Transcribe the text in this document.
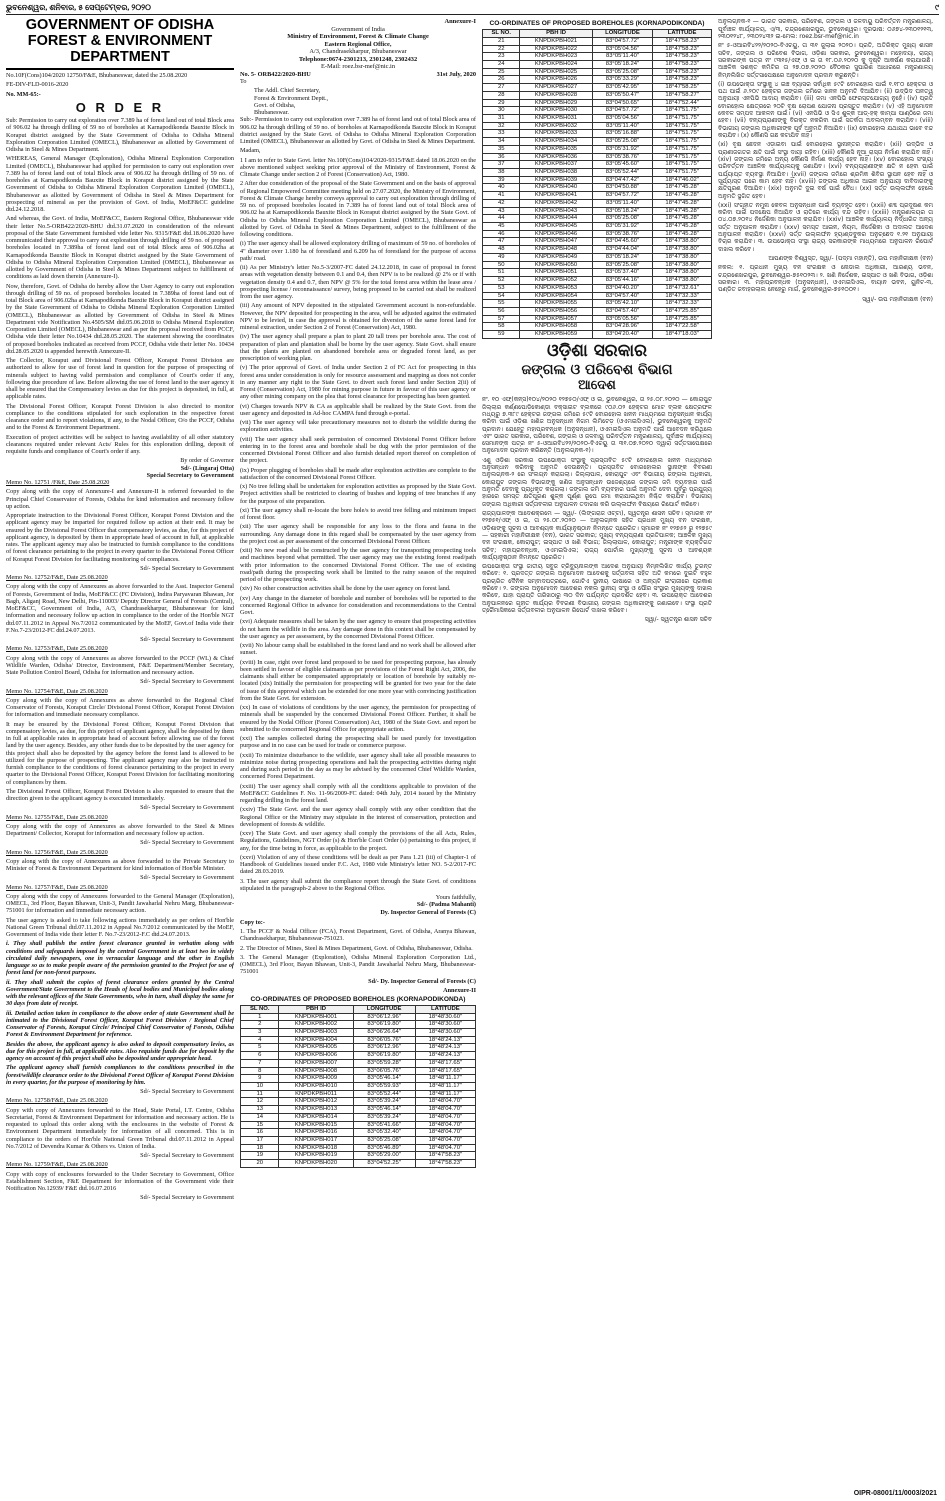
ଭୁବନେଶ୍ୱର, ଶନିବାର, ୫ ସେପ୍ଟେମ୍ବର, ୨୦୨୦	୯
GOVERNMENT OF ODISHA
FOREST & ENVIRONMENT
DEPARTMENT

No.10F(Cons)104/2020 12750/F&E, Bhubaneswar, dated the 25.08.2020

FE-DIV-FLD-0016-2020

No. MM-65:-

O R D E R

Sub: Permission to carry out exploration over 7.389 ha of forest land out of total Block area of 906.02 ha through drilling of 59 no of boreholes at Karnapodikonda Bauxite Block in Koraput district assigned by the State Government of Odisha to Odisha Mineral Exploration Corporation Limited (OMECL), Bhubaneswar as allotted by Government of Odisha in Steel & Mines Department.

WHEREAS, General Manager (Exploration), Odisha Mineral Exploration Corporation Limited (OMECL), Bhubaneswar had applied for permission to carry out exploration over 7.389 ha of forest land out of total Block area of 906.02 ha through drilling of 59 no. of boreholes at Karnapodikonda Bauxite Block in Koraput district assigned by the State Government of Odisha to Odisha Mineral Exploration Corporation Limited (OMECL), Bhubaneswar as allotted by Government of Odisha in Steel & Mines Department for prospecting of mineral as per the provision of Govt. of India, MoEF&CC guideline dtd.24.12.2018.

And whereas, the Govt. of India, MoEF&CC, Eastern Regional Office, Bhubaneswar vide their letter No.5-ORB422/2020-BHU dtd.31.07.2020 in consideration of the relevant proposal of the State Government furnished vide letter No. 9315/F&E dtd.18.06.2020 have communicated their approval to carry out exploration through drilling of 59 no. of proposed boreholes located in 7.389ha of forest land out of total Block area of 906.02ha at Karnapodikonda Bauxite Block in Koraput district assigned by the State Government of Odisha to Odisha Mineral Exploration Corporation Limited (OMECL), Bhubaneswar as allotted by Government of Odisha in Steel & Mines Department subject to fulfillment of conditions as laid down therein (Annexure-I).

Now, therefore, Govt. of Odisha do hereby allow the User Agency to carry out exploration through drilling of 59 no. of proposed boreholes located in 7.389ha of forest land out of total Block area of 906.02ha at Karnapodikonda Bauxite Block in Koraput district assigned by the State Government of Odisha to Odisha Mineral Exploration Corporation Limited (OMECL), Bhubaneswar as allotted by Government of Odisha in Steel & Mines Department vide Notification No.4505/SM dtd.05.06.2018 to Odisha Mineral Exploration Corporation Limited (OMECL), Bhubaneswar and as per the proposal received from PCCF, Odisha vide their letter No.10434 dtd.28.05.2020. The statement showing the coordinates of proposed boreholes indicated as received from PCCF, Odisha vide their letter No. 10434 dtd.28.05.2020 is appended herewith Annexure-II.

The Collector, Koraput and Divisional Forest Officer, Koraput Forest Division are authorized to allow for use of forest land in question for the purpose of prospecting of minerals subject to having valid permission and compliance of Court's order if any, following due procedure of law. Before allowing the use of forest land to the user agency it shall be ensured that the Compensatory levies as due for this project is deposited, in full, at applicable rates.

The Divisional Forest Officer, Koraput Forest Division is also directed to monitor compliance to the conditions stipulated for such exploration in the respective forest clearance order and to report violations, if any, to the Nodal Officer, O/o the PCCF, Odisha and to the Forest & Environment Department.

Execution of project activities will be subject to having availability of all other statutory clearances required under relevant Acts/ Rules for this exploration drilling, deposit of requisite funds and compliance of Court's order if any.

By order of Governor
Sd/- (Lingaraj Otta)
Special Secretary to Government

Memo No. 12751 /F&E, Date 25.08.2020

Copy along with the copy of Annexure-I and Annexure-II is referred forwarded to the Principal Chief Conservator of Forests, Odisha for kind information and necessary follow up action.

Appropriate instruction to the Divisional Forest Officer, Koraput Forest Division and the applicant agency may be imparted for required follow up action at their end. It may be ensured by the Divisional Forest Officer that compensatory levies, as due, for this project of applicant agency, is deposited by them in appropriate head of account in full, at applicable rates. The applicant agency may also be instructed to furnish compliance to the conditions of forest clearance pertaining to the project in every quarter to the Divisional Forest Officer of Koraput Forest Division for facilitating monitoring of compliances.

Sd/- Special Secretary to Government

Memo No. 12752/F&E, Date 25.08.2020

Copy along with the copy of Annexures as above forwarded to the Asst. Inspector General of Forests, Government of India, MoEF&CC (FC Division), Indira Paryavaran Bhawan, Jor Bagh, Aliganj Road, New Delhi, Pin-110003/ Deputy Director General of Forests (Central), MoEF&CC, Government of India, A/3, Chandrasekharpur, Bhubaneswar for kind information and necessary follow up action in compliance to the order of the Hon'ble NGT dtd.07.11.2012 in Appeal No.7/2012 communicated by the MoEF, Govt.of India vide their F.No.7-23/2012-FC dtd.24.07.2013.

Sd/- Special Secretary to Government

Memo No. 12753/F&E, Date 25.08.2020

Copy along with the copy of Annexures as above forwarded to the PCCF (WL) & Chief Wildlife Warden, Odisha/ Director, Environment, F&E Department/Member Secretary, State Pollution Control Board, Odisha for information and necessary action.

Sd/- Special Secretary to Government

Memo No. 12754/F&E, Date 25.08.2020

Copy along with the copy of Annexures as above forwarded to the Regional Chief Conservator of Forests, Koraput Circle/ Divisional Forest Officer, Koraput Forest Division for information and immediate necessary compliance.

It may be ensured by the Divisional Forest Officer, Koraput Forest Division that compensatory levies, as due, for this project of applicant agency, shall be deposited by them in full at applicable rates in appropriate head of account before allowing use of the forest land by the user agency. Besides, any other funds due to be deposited by the user agency for this project shall also be deposited by the agency before the forest land is allowed to be utilized for the purpose of prospecting. The applicant agency may also be instructed to furnish compliance to the conditions of forest clearance pertaining to the project in every quarter to the Divisional Forest Officer, Koraput Forest Division for facilitating monitoring of compliances by them.

The Divisional Forest Officer, Koraput Forest Division is also requested to ensure that the direction given to the applicant agency is executed immediately.

Sd/- Special Secretary to Government

Memo No. 12755/F&E, Date 25.08.2020

Copy along with the copy of Annexures as above forwarded to the Steel & Mines Department/ Collector, Koraput for information and necessary follow up action.

Sd/- Special Secretary to Government

Memo No. 12756/F&E, Date 25.08.2020

Copy along with the copy of Annexures as above forwarded to the Private Secretary to Minister of Forest & Environment Department for kind information of Hon'ble Minister.

Sd/- Special Secretary to Government

Memo No. 12757/F&E, Date 25.08.2020

Copy along with the copy of Annexures forwarded to the General Manager (Exploration), OMECL, 3rd Floor, Bayan Bhawan, Unit-3, Pandit Jawaharlal Nehru Marg, Bhubaneswar-751001 for information and immediate necessary action.

The user agency is asked to take following actions immediately as per orders of Hon'ble National Green Tribunal dtd.07.11.2012 in Appeal No.7/2012 communicated by the MoEF, Government of India vide their letter F. No.7-23/2012-F.C dtd.24.07.2013.

i. They shall publish the entire forest clearance granted in verbatim along with conditions and safeguards imposed by the central Government in at least two in widely circulated daily newspapers, one in vernacular language and the other in English language so as to make people aware of the permission granted to the Project for use of forest land for non-forest purposes.

ii. They shall submit the copies of forest clearance orders granted by the Central Government/State Government to the Heads of local bodies and Municipal bodies along with the relevant offices of the State Governments, who in turn, shall display the same for 30 days from date of receipt.

iii. Detailed action taken in compliance to the above order of state Government shall be intimated to the Divisional Forest Officer, Koraput Forest Division / Regional Chief Conservator of Forests, Koraput Circle/ Principal Chief Conservator of Forests, Odisha Forest & Environment Department for reference.

Besides the above, the applicant agency is also asked to deposit compensatory levies, as due for this project in full, at applicable rates. Also requisite funds due for deposit by the agency on account of this project shall also be deposited under appropriate head.

The applicant agency shall furnish compliances to the conditions prescribed in the forest/wildlife clearance order to the Divisional Forest Officer of Koraput Forest Division in every quarter, for the purpose of monitoring by him.

Sd/- Special Secretary to Government

Memo No. 12758/F&E, Date 25.08.2020

Copy with copy of Annexures forwarded to the Head, State Portal, I.T. Centre, Odisha Secretariat, Forest & Environment Department for information and necessary action. He is requested to upload this order along with the enclosures in the website of Forest & Environment Department immediately for information of all concerned. This is in compliance to the orders of Hon'ble National Green Tribunal dtd.07.11.2012 in Appeal No.7/2012 of Devendra Kumar & Others vs. Union of India.

Sd/- Special Secretary to Government

Memo No. 12759/F&E, Date 25.08.2020

Copy with copy of enclosures forwarded to the Under Secretary to Government, Office Establishment Section, F&E Department for information of the Government vide their Notification No.12939/ F&E dtd.16.07.2016

Sd/- Special Secretary to Government

Annexure-I
Government of India
Ministry of Environment, Forest & Climate Change
Eastern Regional Office,
A/3, Chandrasekharpur, Bhubaneswar
Telephone:0674-2301213, 2301248, 2302432
E-Mail: roez.bsr-mef@nic.in
No. 5- ORB422/2020-BHU	31st July, 2020

To

The Addl. Chief Secretary,
Forest & Environment Deptt.,
Govt. of Odisha,
Bhubaneswar.

Sub:- Permission to carry out exploration over 7.389 ha of forest land out of total Block area of 906.02 ha through drilling of 59 no. of boreholes at Karnapodikonda Bauxite Block in Koraput district assigned by the State Govt. of Odisha to Odisha Mineral Exploration Corporation Limited (OMECL), Bhubaneswar as allotted by Govt. of Odisha in Steel & Mines Department.

Madam,

1 I am to refer to State Govt. letter No.10F(Cons)104/2020-9315/F&E dated 18.06.2020 on the above mentioned subject seeking prior approval of the Ministry of Environment, Forest & Climate Change under section 2 of Forest (Conservation) Act, 1980.

2 After due consideration of the proposal of the State Government and on the basis of approval of Regional Empowered Committee meeting held on 27.07.2020, the Ministry of Environment, Forest & Climate Change hereby conveys approval to carry out exploration through drilling of 59 no. of proposed boreholes located in 7.389 ha of forest land out of total Block area of 906.02 ha at Karnapodikonda Bauxite Block in Koraput district assigned by the State Govt. of Odisha to Odisha Mineral Exploration Corporation Limited (OMECL), Bhubaneswar as allotted by Govt. of Odisha in Steel & Mines Department, subject to the fulfillment of the following conditions.

(i) The user agency shall be allowed exploratory drilling of maximum of 59 no. of boreholes of 4" diameter over 1.180 ha of forestland and 6.209 ha of forestland for the purpose of access path/ road.

(ii) As per Ministry's letter No.5-3/2007-FC dated 24.12.2018, in case of proposal in forest areas with vegetation density between 0.1 and 0.4, then NPV is to be realized @ 2% or if with vegetation density 0.4 and 0.7, then NPV @ 5% for the total forest area within the lease area / prospecting license / reconnaissance/ survey, being proposed to be carried out shall be realized from the user agency.

(iii) Any amount of NPV deposited in the stipulated Government account is non-refundable. However, the NPV deposited for prospecting in the area, will be adjusted against the estimated NPV to be levied, in case the approval is obtained for diversion of the same forest land for mineral extraction, under Section 2 of Forest (Conservation) Act, 1980.

(iv) The user agency shall prepare a plan to plant 20 tall trees per borehole area. The cost of preparation of plan and plantation shall be borne by the user agency. State Govt. shall ensure that the plants are planted on abandoned borehole area or degraded forest land, as per prescription of working plan.

(v) The prior approval of Govt. of India under Section 2 of FC Act for prospecting in this forest area under consideration is only for resource assessment and mapping as does not confer in any manner any right to the State Govt. to divert such forest land under Section 2(ii) of Forest (Conservation) Act, 1980 for mining purpose in future in favour of this user agency or any other mining company on the plea that forest clearance for prospecting has been granted.

(vi) Charges towards NPV & CA as applicable shall be realized by the State Govt. from the user agency and deposited in Ad-hoc CAMPA fund through e-portal.

(vii) The user agency will take precautionary measures not to disturb the wildlife during the exploration activities.

(viii) The user agency shall seek permission of concerned Divisional Forest Officer before entering in to the forest area and borehole shall be dug with the prior permission of the concerned Divisional Forest Officer and also furnish detailed report thereof on completion of the project.

(ix) Proper plugging of boreholes shall be made after exploration activities are complete to the satisfaction of the concerned Divisional Forest Officer.

(x) No tree felling shall be undertaken for exploration activities as proposed by the State Govt. Project activities shall be restricted to clearing of bushes and lopping of tree branches if any for the purpose of site preparation.

(xi) The user agency shall re-locate the bore hole/s to avoid tree felling and minimum impact of forest floor.

(xii) The user agency shall be responsible for any loss to the flora and fauna in the surrounding. Any damage done in this regard shall be compensated by the user agency from the project cost as per assessment of the concerned Divisional Forest Officer.

(xiii) No new road shall be constructed by the user agency for transporting prospecting tools and machines beyond what permitted. The user agency may use the existing forest road/path with prior information to the concerned Divisional Forest Officer. The use of existing road/path during the prospecting work shall be limited to the rainy season of the required period of the prospecting work.

(xiv) No other construction activities shall be done by the user agency on forest land.

(xv) Any change in the diameter of borehole and number of boreholes will be reported to the concerned Regional Office in advance for consideration and recommendations to the Central Govt.

(xvi) Adequate measures shall be taken by the user agency to ensure that prospecting activities do not harm the wildlife in the area. Any damage done in this context shall be compensated by the user agency as per assessment, by the concerned Divisional Forest Officer.

(xvii) No labour camp shall be established in the forest land and no work shall be allowed after sunset.

(xviii) In case, right over forest land proposed to be used for prospecting purpose, has already been settled in favour of eligible claimants as per provisions of the Forest Right Act, 2006, the claimants shall either be compensated appropriately or location of borehole by suitably re-located (xix) Initially the permission for prospecting will be granted for two year for the date of issue of this approval which can be extended for one more year with convincing justification from the State Govt. for extension.

(xx) In case of violations of conditions by the user agency, the permission for prospecting of minerals shall be suspended by the concerned Divisional Forest Officer. Further, it shall be ensured by the Nodal Officer (Forest Conservation) Act, 1980 of the State Govt. and report be submitted to the concerned Regional Office for appropriate action.

(xxi) The samples collected during the prospecting shall be used purely for investigation purpose and in no case can be used for trade or commerce purpose.

(xxii) To minimize disturbance to the wildlife, user agency shall take all possible measures to minimize noise during prospecting operations and halt the prospecting activities during night and during such period in the day as may be advised by the concerned Chief Wildlife Warden, concerned Forest Department.

(xxiii) The user agency shall comply with all the conditions applicable to provision of the MoEF&CC Guidelines F. No. 11-96/2009-FC dated: 04th July, 2014 issued by the Ministry regarding drilling in the forest land.

(xxiv) The State Govt. and the user agency shall comply with any other condition that the Regional Office or the Ministry may stipulate in the interest of conservation, protection and development of forests & wildlife.

(xxv) The State Govt. and user agency shall comply the provisions of the all Acts, Rules, Regulations, Guidelines, NGT Order (s) & Hon'ble Court Order (s) pertaining to this project, if any, for the time being in force, as applicable to the project.

(xxvi) Violation of any of these conditions will be dealt as per Para 1.21 (iii) of Chapter-1 of Handbook of Guidelines issued under F.C. Act, 1980 vide Ministry's letter NO. 5-2/2017-FC dated 28.03.2019.

3. The user agency shall submit the compliance report through the State Govt. of conditions stipulated in the paragraph-2 above to the Regional Office.

Yours faithfully,
Sd/- (Padma Mahanti)
Dy. Inspector General of Forests (C)

Copy to:-

1. The PCCF & Nodal Officer (FCA), Forest Department, Govt. of Odisha, Aranya Bhawan, Chandrasekharpur, Bhubaneswar-751023.

2. The Director of Mines, Steel & Mines Department, Govt. of Odisha, Bhubaneswar, Odisha.

3. The General Manager (Exploration), Odisha Mineral Exploration Corporation Ltd., (OMECL), 3rd Floor, Bayan Bhawan, Unit-3, Pandit Jawaharlal Nehru Marg, Bhubaneswar-751001

Sd/- Dy. Inspector General of Forests (C)

Annexure-II
CO-ORDINATES OF PROPOSED BOREHOLES (KORNAPODIKONDA)
SL NO.	PBH ID	LONGITUDE	LATITUDE
1	KNPDKPBH001	83°06'12.96"	18°48'30.60"
2	KNPDKPBH002	83°06'19.80"	18°48'30.60"
3	KNPDKPBH003	83°06'26.64"	18°48'30.60"
4	KNPDKPBH004	83°06'05.76"	18°48'24.13"
5	KNPDKPBH005	83°06'12.96"	18°48'24.13"
6	KNPDKPBH006	83°06'19.80"	18°48'24.13"
7	KNPDKPBH007	83°05'59.28"	18°48'17.65"
8	KNPDKPBH008	83°06'05.76"	18°48'17.65"
9	KNPDKPBH009	83°05'46.14"	18°48'11.17"
10	KNPDKPBH010	83°05'59.93"	18°48'11.17"
11	KNPDKPBH011	83°05'52.44"	18°48'11.17"
12	KNPDKPBH012	83°05'39.24"	18°48'04.70"
13	KNPDKPBH013	83°05'46.14"	18°48'04.70"
14	KNPDKPBH014	83°05'39.24"	18°48'04.70"
15	KNPDKPBH015	83°05'41.66"	18°48'04.70"
16	KNPDKPBH016	83°05'32.40"	18°48'04.70"
17	KNPDKPBH017	83°05'25.08"	18°48'04.70"
18	KNPDKPBH018	83°05'46.89"	18°48'04.70"
19	KNPDKPBH019	83°05'29.00"	18°47'58.23"
20	KNPDKPBH020	83°04'52.25"	18°47'58.23"
CO-ORDINATES OF PROPOSED BOREHOLES (KORNAPODIKONDA)
SL NO.	PBH ID	LONGITUDE	LATITUDE
21	KNPDKPBH021	83°04'57.72"	18°47'58.23"
22	KNPDKPBH022	83°05'04.56"	18°47'58.23"
23	KNPDKPBH023	83°05'11.40"	18°47'58.23"
24	KNPDKPBH024	83°05'18.24"	18°47'58.23"
25	KNPDKPBH025	83°05'25.08"	18°47'58.23"
26	KNPDKPBH026	83°05'33.29"	18°47'58.23"
27	KNPDKPBH027	83°05'42.95"	18°47'58.25"
28	KNPDKPBH028	83°05'50.47"	18°47'58.27"
29	KNPDKPBH029	83°04'50.65"	18°47'52.44"
30	KNPDKPBH030	83°04'57.72"	18°47'51.75"
31	KNPDKPBH031	83°05'04.56"	18°47'51.75"
32	KNPDKPBH032	83°05'11.40"	18°47'51.75"
33	KNPDKPBH033	83°05'16.88"	18°47'51.75"
34	KNPDKPBH034	83°05'25.08"	18°47'51.75"
35	KNPDKPBH035	83°05'31.92"	18°47'51.75"
36	KNPDKPBH036	83°05'38.76"	18°47'51.75"
37	KNPDKPBH037	83°05'45.60"	18°47'51.75"
38	KNPDKPBH038	83°05'52.44"	18°47'51.75"
39	KNPDKPBH039	83°04'47.42"	18°47'46.02"
40	KNPDKPBH040	83°04'50.88"	18°47'45.28"
41	KNPDKPBH041	83°04'57.72"	18°47'45.28"
42	KNPDKPBH042	83°05'11.40"	18°47'45.28"
43	KNPDKPBH043	83°05'18.24"	18°47'45.28"
44	KNPDKPBH044	83°05'25.08"	18°47'45.28"
45	KNPDKPBH045	83°05'31.92"	18°47'45.28"
46	KNPDKPBH046	83°05'38.76"	18°47'45.28"
47	KNPDKPBH047	83°04'45.60"	18°47'38.80"
48	KNPDKPBH048	83°04'44.04"	18°47'38.80"
49	KNPDKPBH049	83°05'18.24"	18°47'38.80"
50	KNPDKPBH050	83°05'25.08"	18°47'38.80"
51	KNPDKPBH051	83°05'37.40"	18°47'38.80"
52	KNPDKPBH052	83°05'44.16"	18°47'38.80"
53	KNPDKPBH053	83°04'40.20"	18°47'32.61"
54	KNPDKPBH054	83°04'57.40"	18°47'32.33"
55	KNPDKPBH055	83°05'42.10"	18°47'32.33"
56	KNPDKPBH056	83°04'57.40"	18°47'25.85"
57	KNPDKPBH057	83°05'05.56"	18°47'25.85"
58	KNPDKPBH058	83°04'28.96"	18°47'22.58"
59	KNPDKPBH059	83°04'20.40"	18°47'18.03"
ଓଡ଼ିଶା ସରକାର
ଜଙ୍ଗଲ ଓ ପରିବେଶ ବିଭାଗ
ଆଦେଶ

ନଂ. ୧୦ ଏଫ୍(କନ୍ସ)୧୦୪/୨୦୨୦ ୧୨୭୫୦/ଏଫ୍ ଓ ଇ, ଭୁବନେଶ୍ୱର, ତା ୨୫.୦୮.୨୦୨୦ — କୋରାପୁଟ ଜିଲ୍ଲାର କର୍ଣ୍ଣପୋଡ଼ିକୋଣ୍ଡା ବକ୍ସାଇଟ ବ୍ଲକରେ ୯୦୬.୦୨ ହେକ୍ଟର ମୋଟ ବ୍ଲକ କ୍ଷେତ୍ରଫଳ ମଧ୍ୟରୁ ୭.୩୮୯ ହେକ୍ଟର ଜଙ୍ଗଲ ଜମିରେ ୫୯ଟି ବୋରହୋଲ ଖନନ ମାଧ୍ୟମରେ ଅନୁସନ୍ଧାନ କାର୍ଯ୍ୟ କରିବା ପାଇଁ ଓଡ଼ିଶା ଖଣିଜ ଅନୁସନ୍ଧାନ ନିଗମ ଲିମିଟେଡ଼ (ଓଏମଇସିଏଲ), ଭୁବନେଶ୍ୱରକୁ ଅନୁମତି ପ୍ରଦାନ। ଯେହେତୁ ମହାପ୍ରବନ୍ଧକ (ଅନୁସନ୍ଧାନ), ଓଏମଇସିଏଲ ଅନୁମତି ପାଇଁ ଆବେଦନ କରିଥିଲେ ଏବଂ ଭାରତ ସରକାର, ପରିବେଶ, ଜଙ୍ଗଲ ଓ ଜଳବାୟୁ ପରିବର୍ତ୍ତନ ମନ୍ତ୍ରଣାଳୟ, ପୂର୍ବାଞ୍ଚଳ କାର୍ଯ୍ୟାଳୟ ସେମାନଙ୍କ ପତ୍ର ନଂ ୫-ଓଆରବି୪୨୨/୨୦୨୦-ବିଏଚୟୁ ତା ୩୧.୦୭.୨୦୨୦ ଦ୍ୱାରା ସର୍ତ୍ତସାପେକ୍ଷରେ ଅନୁମୋଦନ ପ୍ରଦାନ କରିଛନ୍ତି (ଅନୁଲଗ୍ନକ-୧)।

ଏଣୁ ଓଡ଼ିଶା ସରକାର ଉପଭୋକ୍ତା ସଂସ୍ଥାକୁ ପ୍ରସ୍ତାବିତ ୫୯ଟି ବୋରହୋଲ ଖନନ ମାଧ୍ୟମରେ ଅନୁସନ୍ଧାନ କରିବାକୁ ଅନୁମତି ଦେଉଛନ୍ତି। ପ୍ରସ୍ତାବିତ ବୋରହୋଲର ସ୍ଥାନାଙ୍କ ବିବରଣୀ ଅନୁଲଗ୍ନକ-୨ ରେ ସଂଲଗ୍ନ କରାଗଲା। ଜିଲ୍ଲାପାଳ, କୋରାପୁଟ ଏବଂ ବିଭାଗୀୟ ଜଙ୍ଗଲ ଅଧିକାରୀ, କୋରାପୁଟ ଜଙ୍ଗଲ ବିଭାଗଙ୍କୁ ଖଣିଜ ଅନୁସନ୍ଧାନ ଉଦ୍ଦେଶ୍ୟରେ ଜଙ୍ଗଲ ଜମି ବ୍ୟବହାର ପାଇଁ ଅନୁମତି ଦେବାକୁ ପ୍ରାଧିକୃତ କରାଗଲା। ଜଙ୍ଗଲ ଜମି ବ୍ୟବହାର ପାଇଁ ଅନୁମତି ଦେବା ପୂର୍ବରୁ ପ୍ରଯୁଜ୍ୟ ହାରରେ ସମସ୍ତ କ୍ଷତିପୂରଣ ଶୁଳ୍କ ପୂର୍ଣ୍ଣ ରୂପେ ଜମା କରାଯାଇଥିବା ନିଶ୍ଚିତ କରାଯିବ। ବିଭାଗୀୟ ଜଙ୍ଗଲ ଅଧିକାରୀ ସର୍ତ୍ତାବଳୀର ଅନୁପାଳନ ତଦାରଖ କରି ଉଲ୍ଲଙ୍ଘନ ବିଷୟରେ ରିପୋର୍ଟ କରିବେ।

ରାଜ୍ୟପାଳଙ୍କ ଆଦେଶକ୍ରମେ — ସ୍ୱା/- (ଲିଙ୍ଗରାଜ ଓଟ୍ଟା), ସ୍ୱତନ୍ତ୍ର ଶାସନ ସଚିବ। ସ୍ମାରକ ନଂ ୧୨୭୫୧/ଏଫ୍ ଓ ଇ, ତା ୨୫.୦୮.୨୦୨୦ — ଅନୁଲଗ୍ନକ ସହିତ ପ୍ରଧାନ ମୁଖ୍ୟ ବନ ସଂରକ୍ଷକ, ଓଡ଼ିଶାଙ୍କୁ ସୂଚନା ଓ ଆବଶ୍ୟକ କାର୍ଯ୍ୟାନୁଷ୍ଠାନ ନିମନ୍ତେ ପ୍ରେରିତ। ସ୍ମାରକ ନଂ ୧୨୭୫୨ ରୁ ୧୨୭୫୯ — ସହକାରୀ ମହାନିରୀକ୍ଷକ (ବନ), ଭାରତ ସରକାର; ମୁଖ୍ୟ ବନ୍ୟପ୍ରାଣୀ ପ୍ରତିପାଳକ; ଆଞ୍ଚଳିକ ମୁଖ୍ୟ ବନ ସଂରକ୍ଷକ, କୋରାପୁଟ; ଇସ୍ପାତ ଓ ଖଣି ବିଭାଗ; ଜିଲ୍ଲାପାଳ, କୋରାପୁଟ; ମନ୍ତ୍ରୀଙ୍କ ବ୍ୟକ୍ତିଗତ ସଚିବ; ମହାପ୍ରବନ୍ଧକ, ଓଏମଇସିଏଲ; ରାଜ୍ୟ ପୋର୍ଟାଲ ମୁଖ୍ୟଙ୍କୁ ସୂଚନା ଓ ଆବଶ୍ୟକ କାର୍ଯ୍ୟାନୁଷ୍ଠାନ ନିମନ୍ତେ ପ୍ରେରିତ।

ଉପଭୋକ୍ତା ସଂସ୍ଥା ଜାତୀୟ ସବୁଜ ଟ୍ରିବ୍ୟୁନାଲଙ୍କ ଆଦେଶ ଅନୁଯାୟୀ ନିମ୍ନଲିଖିତ କାର୍ଯ୍ୟ ତୁରନ୍ତ କରିବେ: ୧. ପ୍ରଦତ୍ତ ଜଙ୍ଗଲ ଅନୁମୋଦନ ଆଦେଶକୁ ସର୍ତ୍ତାବଳୀ ସହିତ ଅତି କମରେ ଦୁଇଟି ବହୁଳ ପ୍ରଚାରିତ ଦୈନିକ ସମ୍ବାଦପତ୍ରରେ, ଗୋଟିଏ ସ୍ଥାନୀୟ ଭାଷାରେ ଓ ଅନ୍ୟଟି ଇଂରାଜୀରେ ପ୍ରକାଶ କରିବେ। ୨. ଜଙ୍ଗଲ ଅନୁମୋଦନ ଆଦେଶର ନକଲ ସ୍ଥାନୀୟ ସଂସ୍ଥା ଓ ପୌର ସଂସ୍ଥାର ମୁଖ୍ୟଙ୍କୁ ଦାଖଲ କରିବେ, ଯାହା ପ୍ରାପ୍ତି ତାରିଖଠାରୁ ୩୦ ଦିନ ପର୍ଯ୍ୟନ୍ତ ପ୍ରଦର୍ଶିତ ହେବ। ୩. ଉପରୋକ୍ତ ଆଦେଶର ଅନୁପାଳନରେ ଗୃହୀତ କାର୍ଯ୍ୟର ବିବରଣୀ ବିଭାଗୀୟ ଜଙ୍ଗଲ ଅଧିକାରୀଙ୍କୁ ଜଣାଇବେ। ସଂସ୍ଥା ପ୍ରତି ତ୍ରୈମାସିକରେ ସର୍ତ୍ତାବଳୀର ଅନୁପାଳନ ରିପୋର୍ଟ ଦାଖଲ କରିବେ।

ସ୍ୱା/- ସ୍ୱତନ୍ତ୍ର ଶାସନ ସଚିବ

ଅନୁଲଗ୍ନକ-୧ — ଭାରତ ସରକାର, ପରିବେଶ, ଜଙ୍ଗଲ ଓ ଜଳବାୟୁ ପରିବର୍ତ୍ତନ ମନ୍ତ୍ରଣାଳୟ, ପୂର୍ବାଞ୍ଚଳ କାର୍ଯ୍ୟାଳୟ, ଏ/୩, ଚନ୍ଦ୍ରଶେଖରପୁର, ଭୁବନେଶ୍ୱର। ଦୂରଭାଷ: ୦୬୭୪-୨୩୦୧୨୧୩, ୨୩୦୧୨୪୮, ୨୩୦୨୪୩୨ ଇ-ମେଲ: roez.bsr-mef@nic.in

ନଂ ୫-ଓଆରବି୪୨୨/୨୦୨୦-ବିଏଚୟୁ, ତା ୩୧ ଜୁଲାଇ ୨୦୨୦। ପ୍ରତି, ଅତିରିକ୍ତ ମୁଖ୍ୟ ଶାସନ ସଚିବ, ଜଙ୍ଗଲ ଓ ପରିବେଶ ବିଭାଗ, ଓଡ଼ିଶା ସରକାର, ଭୁବନେଶ୍ୱର। ମହୋଦୟା, ରାଜ୍ୟ ସରକାରଙ୍କ ପତ୍ର ନଂ ୯୩୧୫/ଏଫ୍ ଓ ଇ ତା ୧୮.୦୬.୨୦୨୦ କୁ ଦୃଷ୍ଟି ଆକର୍ଷଣ କରାଯାଉଛି। ଆଞ୍ଚଳିକ ସଶକ୍ତ କମିଟିର ତା ୨୭.୦୭.୨୦୨୦ ବୈଠକର ସୁପାରିଶ ଆଧାରରେ ମନ୍ତ୍ରଣାଳୟ ନିମ୍ନଲିଖିତ ସର୍ତ୍ତସାପେକ୍ଷରେ ଅନୁମୋଦନ ପ୍ରଦାନ କରୁଛନ୍ତି।

(i) ଉପଭୋକ୍ତା ସଂସ୍ଥାକୁ ୪ ଇଞ୍ଚ ବ୍ୟାସର ସର୍ବାଧିକ ୫୯ଟି ବୋରହୋଲ ପାଇଁ ୧.୧୮୦ ହେକ୍ଟର ଓ ପଥ ପାଇଁ ୬.୨୦୯ ହେକ୍ଟର ଜଙ୍ଗଲ ଜମିରେ ଖନନ ଅନୁମତି ଦିଆଯିବ। (ii) ଉଦ୍ଭିଦ ଘନତ୍ୱ ଅନୁଯାୟୀ ଏନପିଭି ଆଦାୟ କରାଯିବ। (iii) ଜମା ଏନପିଭି ଫେରସ୍ତଯୋଗ୍ୟ ନୁହେଁ। (iv) ପ୍ରତି ବୋରହୋଲ କ୍ଷେତ୍ରରେ ୨୦ଟି ବୃକ୍ଷ ରୋପଣ ଯୋଜନା ପ୍ରସ୍ତୁତ କରାଯିବ। (v) ଏହି ଅନୁମୋଦନ କେବଳ ସମ୍ପଦ ଆକଳନ ପାଇଁ। (vi) ଏନପିଭି ଓ ସିଏ ଶୁଳ୍କ ଆଡ୍-ହକ୍ କାମ୍ପା ପାଣ୍ଠିରେ ଜମା ହେବ। (vii) ବନ୍ୟପ୍ରାଣୀଙ୍କୁ ବିରକ୍ତ ନକରିବା ପାଇଁ ସତର୍କତା ଅବଲମ୍ବନ କରାଯିବ। (viii) ବିଭାଗୀୟ ଜଙ୍ଗଲ ଅଧିକାରୀଙ୍କ ପୂର୍ବ ଅନୁମତି ନିଆଯିବ। (ix) ବୋରହୋଲ ଯଥାଯଥ ଭାବେ ବନ୍ଦ କରାଯିବ। (x) କୌଣସି ଗଛ କଟାଯିବ ନାହିଁ।

(xi) ବୃକ୍ଷ ଛେଦନ ଏଡ଼ାଇବା ପାଇଁ ବୋରହୋଲ ସ୍ଥାନାନ୍ତର କରାଯିବ। (xii) ଉଦ୍ଭିଦ ଓ ପ୍ରାଣୀଜଗତର କ୍ଷତି ପାଇଁ ସଂସ୍ଥା ଦାୟୀ ରହିବ। (xiii) କୌଣସି ନୂଆ ରାସ୍ତା ନିର୍ମାଣ କରାଯିବ ନାହିଁ। (xiv) ଜଙ୍ଗଲ ଜମିରେ ଅନ୍ୟ କୌଣସି ନିର୍ମାଣ କାର୍ଯ୍ୟ ହେବ ନାହିଁ। (xv) ବୋରହୋଲ ସଂଖ୍ୟା ପରିବର୍ତ୍ତନ ଆଞ୍ଚଳିକ କାର୍ଯ୍ୟାଳୟକୁ ଜଣାଯିବ। (xvi) ବନ୍ୟପ୍ରାଣୀଙ୍କ କ୍ଷତି ନ ହେବା ପାଇଁ ପର୍ଯ୍ୟାପ୍ତ ବ୍ୟବସ୍ଥା ନିଆଯିବ। (xvii) ଜଙ୍ଗଲ ଜମିରେ ଶ୍ରମିକ ଶିବିର ସ୍ଥାପନ ହେବ ନାହିଁ ଓ ସୂର୍ଯ୍ୟାସ୍ତ ପରେ କାମ ହେବ ନାହିଁ। (xviii) ଜଙ୍ଗଲ ଅଧିକାର ଆଇନ ଅନୁଯାୟୀ ଦାବିଦାରଙ୍କୁ କ୍ଷତିପୂରଣ ଦିଆଯିବ। (xix) ଅନୁମତି ଦୁଇ ବର୍ଷ ପାଇଁ ବୈଧ। (xx) ସର୍ତ୍ତ ଉଲ୍ଲଙ୍ଘନ ହେଲେ ଅନୁମତି ସ୍ଥଗିତ ହେବ।

(xxi) ସଂଗୃହୀତ ନମୁନା କେବଳ ଅନୁସନ୍ଧାନ ପାଇଁ ବ୍ୟବହୃତ ହେବ। (xxii) ଶବ୍ଦ ପ୍ରଦୂଷଣ କମ କରିବା ପାଇଁ ପଦକ୍ଷେପ ନିଆଯିବ ଓ ରାତିରେ କାର୍ଯ୍ୟ ବନ୍ଦ ରହିବ। (xxiii) ମନ୍ତ୍ରଣାଳୟର ତା ୦୪.୦୭.୨୦୧୪ ନିର୍ଦ୍ଦେଶିକା ଅନୁପାଳନ କରାଯିବ। (xxiv) ଆଞ୍ଚଳିକ କାର୍ଯ୍ୟାଳୟ ନିର୍ଦ୍ଧାରିତ ଅନ୍ୟ ସର୍ତ୍ତ ଅନୁପାଳନ କରାଯିବ। (xxv) ସମସ୍ତ ଆଇନ, ନିୟମ, ନିର୍ଦ୍ଦେଶିକା ଓ ଅଦାଲତ ଆଦେଶ ଅନୁପାଳନ କରାଯିବ। (xxvi) ସର୍ତ୍ତ ଉଲ୍ଲଙ୍ଘନ ହ୍ୟାଣ୍ଡବୁକର ଅନୁଚ୍ଛେଦ ୧.୨୧ ଅନୁଯାୟୀ ବିଚାର କରାଯିବ। ୩. ଉପଭୋକ୍ତା ସଂସ୍ଥା ରାଜ୍ୟ ସରକାରଙ୍କ ମାଧ୍ୟମରେ ଅନୁପାଳନ ରିପୋର୍ଟ ଦାଖଲ କରିବେ।

ଆପଣଙ୍କ ବିଶ୍ୱସ୍ତ, ସ୍ୱା/- (ପଦ୍ମା ମହାନ୍ତି), ଉପ ମହାନିରୀକ୍ଷକ (ବନ)

ନକଲ: ୧. ପ୍ରଧାନ ମୁଖ୍ୟ ବନ ସଂରକ୍ଷକ ଓ ନୋଡାଲ ଅଧିକାରୀ, ଆରଣ୍ୟ ଭବନ, ଚନ୍ଦ୍ରଶେଖରପୁର, ଭୁବନେଶ୍ୱର-୭୫୧୦୨୩। ୨. ଖଣି ନିର୍ଦ୍ଦେଶକ, ଇସ୍ପାତ ଓ ଖଣି ବିଭାଗ, ଓଡ଼ିଶା ସରକାର। ୩. ମହାପ୍ରବନ୍ଧକ (ଅନୁସନ୍ଧାନ), ଓଏମଇସିଏଲ, ବାୟାନ ଭବନ, ୟୁନିଟ-୩, ପଣ୍ଡିତ ଜବାହରଲାଲ ନେହେରୁ ମାର୍ଗ, ଭୁବନେଶ୍ୱର-୭୫୧୦୦୧।

ସ୍ୱା/- ଉପ ମହାନିରୀକ୍ଷକ (ବନ)

OIPR-08001/11/0003/2021
